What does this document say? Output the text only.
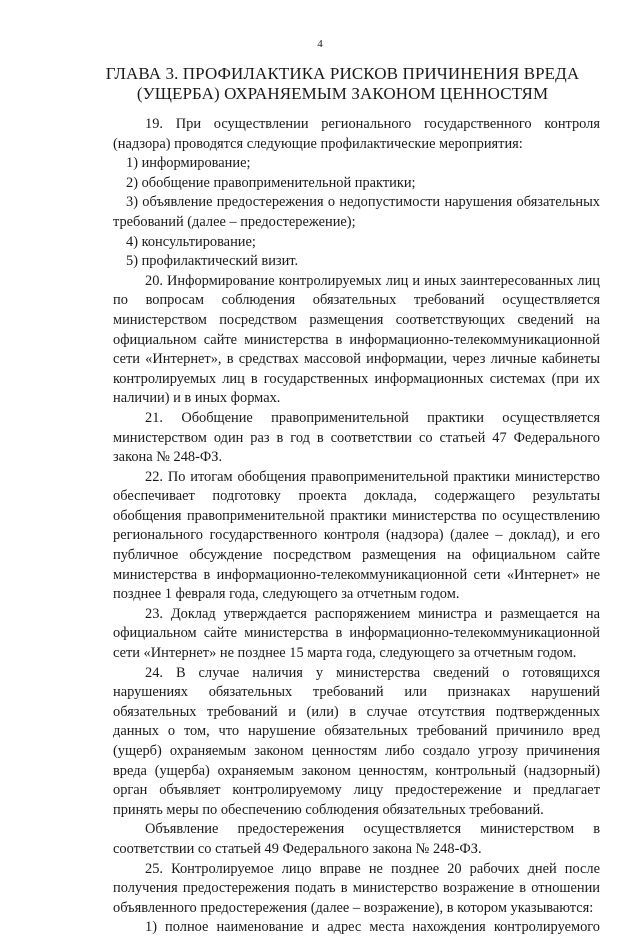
4
ГЛАВА 3. ПРОФИЛАКТИКА РИСКОВ ПРИЧИНЕНИЯ ВРЕДА (УЩЕРБА) ОХРАНЯЕМЫМ ЗАКОНОМ ЦЕННОСТЯМ

19. При осуществлении регионального государственного контроля (надзора) проводятся следующие профилактические мероприятия:

1) информирование;

2) обобщение правоприменительной практики;

3) объявление предостережения о недопустимости нарушения обязательных требований (далее – предостережение);

4) консультирование;

5) профилактический визит.

20. Информирование контролируемых лиц и иных заинтересованных лиц по вопросам соблюдения обязательных требований осуществляется министерством посредством размещения соответствующих сведений на официальном сайте министерства в информационно-телекоммуникационной сети «Интернет», в средствах массовой информации, через личные кабинеты контролируемых лиц в государственных информационных системах (при их наличии) и в иных формах.

21. Обобщение правоприменительной практики осуществляется министерством один раз в год в соответствии со статьей 47 Федерального закона № 248-ФЗ.

22. По итогам обобщения правоприменительной практики министерство обеспечивает подготовку проекта доклада, содержащего результаты обобщения правоприменительной практики министерства по осуществлению регионального государственного контроля (надзора) (далее – доклад), и его публичное обсуждение посредством размещения на официальном сайте министерства в информационно-телекоммуникационной сети «Интернет» не позднее 1 февраля года, следующего за отчетным годом.

23. Доклад утверждается распоряжением министра и размещается на официальном сайте министерства в информационно-телекоммуникационной сети «Интернет» не позднее 15 марта года, следующего за отчетным годом.

24. В случае наличия у министерства сведений о готовящихся нарушениях обязательных требований или признаках нарушений обязательных требований и (или) в случае отсутствия подтвержденных данных о том, что нарушение обязательных требований причинило вред (ущерб) охраняемым законом ценностям либо создало угрозу причинения вреда (ущерба) охраняемым законом ценностям, контрольный (надзорный) орган объявляет контролируемому лицу предостережение и предлагает принять меры по обеспечению соблюдения обязательных требований.

Объявление предостережения осуществляется министерством в соответствии со статьей 49 Федерального закона № 248-ФЗ.

25. Контролируемое лицо вправе не позднее 20 рабочих дней после получения предостережения подать в министерство возражение в отношении объявленного предостережения (далее – возражение), в котором указываются:

1) полное наименование и адрес места нахождения контролируемого
